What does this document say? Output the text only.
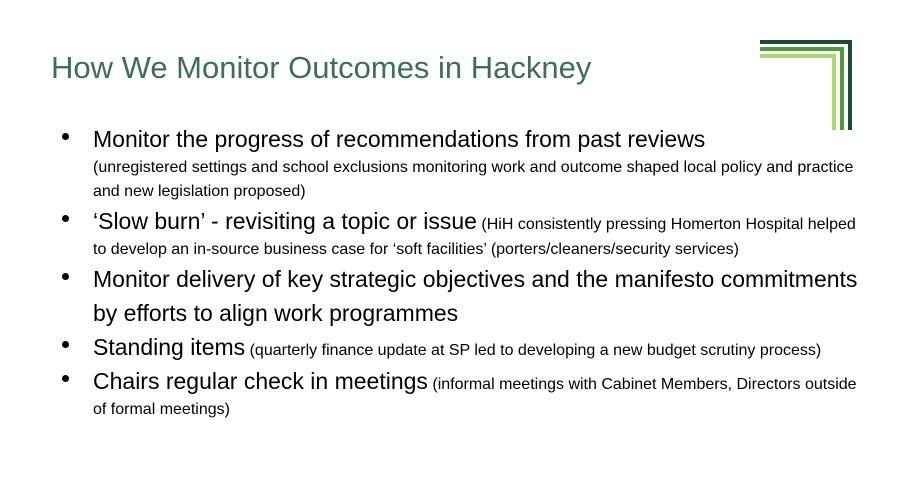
How We Monitor Outcomes in Hackney
Monitor the progress of recommendations from past reviews
(unregistered settings and school exclusions monitoring work and outcome shaped local policy and practice and new legislation proposed)
‘Slow burn’ - revisiting a topic or issue (HiH consistently pressing Homerton Hospital helped to develop an in-source business case for ‘soft facilities’ (porters/cleaners/security services)
Monitor delivery of key strategic objectives and the manifesto commitments by efforts to align work programmes
Standing items (quarterly finance update at SP led to developing a new budget scrutiny process)
Chairs regular check in meetings (informal meetings with Cabinet Members, Directors outside of formal meetings)
